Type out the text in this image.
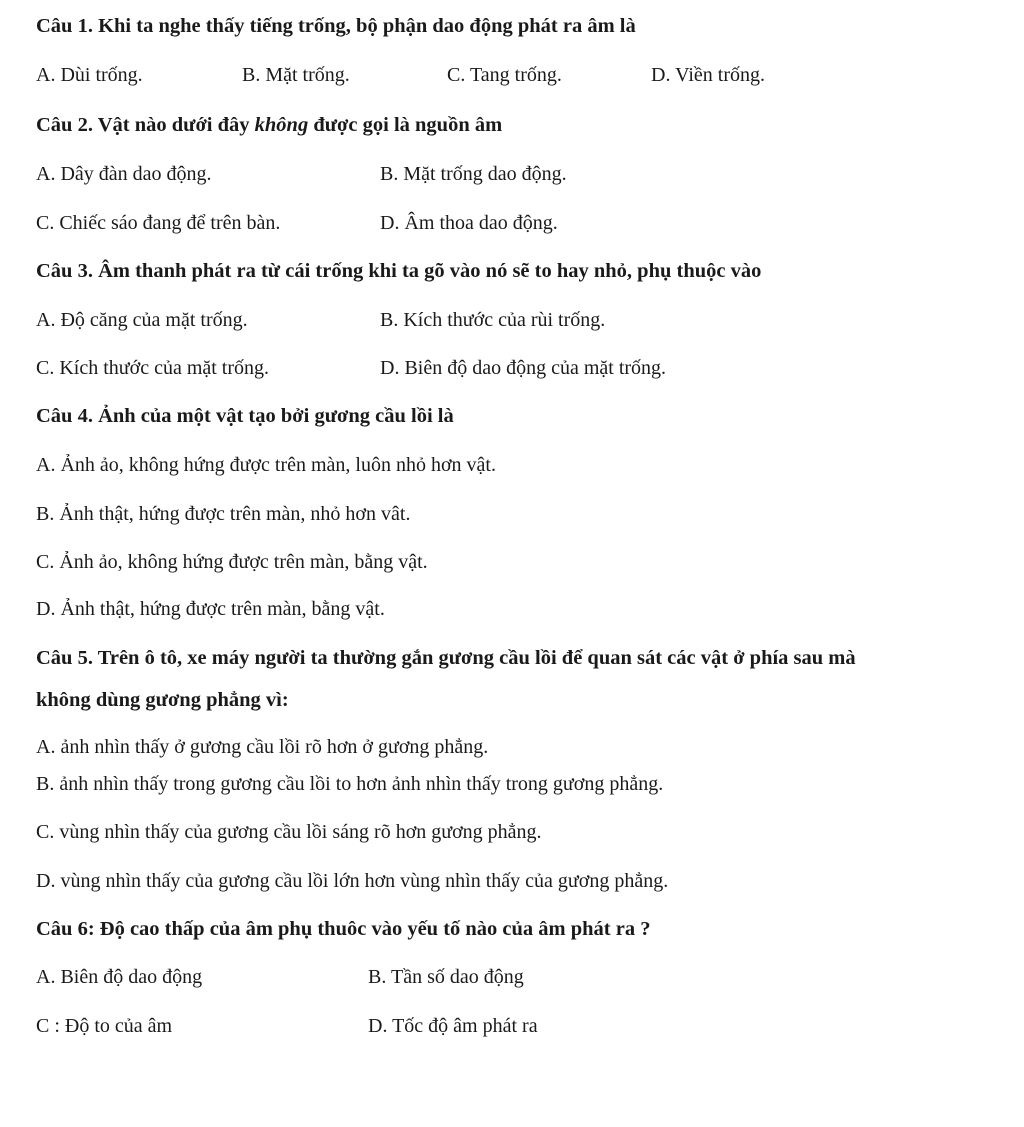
Câu 1. Khi ta nghe thấy tiếng trống, bộ phận dao động phát ra âm là
A. Dùi trống.	B. Mặt trống.	C. Tang trống.	D. Viền trống.
Câu 2. Vật nào dưới đây không được gọi là nguồn âm
A. Dây đàn dao động.	B. Mặt trống dao động.
C. Chiếc sáo đang để trên bàn.	D. Âm thoa dao động.
Câu 3. Âm thanh phát ra từ cái trống khi ta gõ vào nó sẽ to hay nhỏ, phụ thuộc vào
A. Độ căng của mặt trống.	B. Kích thước của rùi trống.
C. Kích thước của mặt trống.	D. Biên độ dao động của mặt trống.
Câu 4. Ảnh của một vật tạo bởi gương cầu lồi là
A. Ảnh ảo, không hứng được trên màn, luôn nhỏ hơn vật.
B. Ảnh thật, hứng được trên màn, nhỏ hơn vât.
C. Ảnh ảo, không hứng được trên màn, bằng vật.
D. Ảnh thật, hứng được trên màn, bằng vật.
Câu 5. Trên ô tô, xe máy người ta thường gắn gương cầu lồi để quan sát các vật ở phía sau mà
không dùng gương phẳng vì:
A. ảnh nhìn thấy ở gương cầu lồi rõ hơn ở gương phẳng.
B. ảnh nhìn thấy trong gương cầu lồi to hơn ảnh nhìn thấy trong gương phẳng.
C. vùng nhìn thấy của gương cầu lồi sáng rõ hơn gương phẳng.
D. vùng nhìn thấy của gương cầu lồi lớn hơn vùng nhìn thấy của gương phẳng.
Câu 6: Độ cao thấp của âm phụ thuôc vào yếu tố nào của âm phát ra ?
A. Biên độ dao động	B. Tần số dao động
C : Độ to của âm	D. Tốc độ âm phát ra
